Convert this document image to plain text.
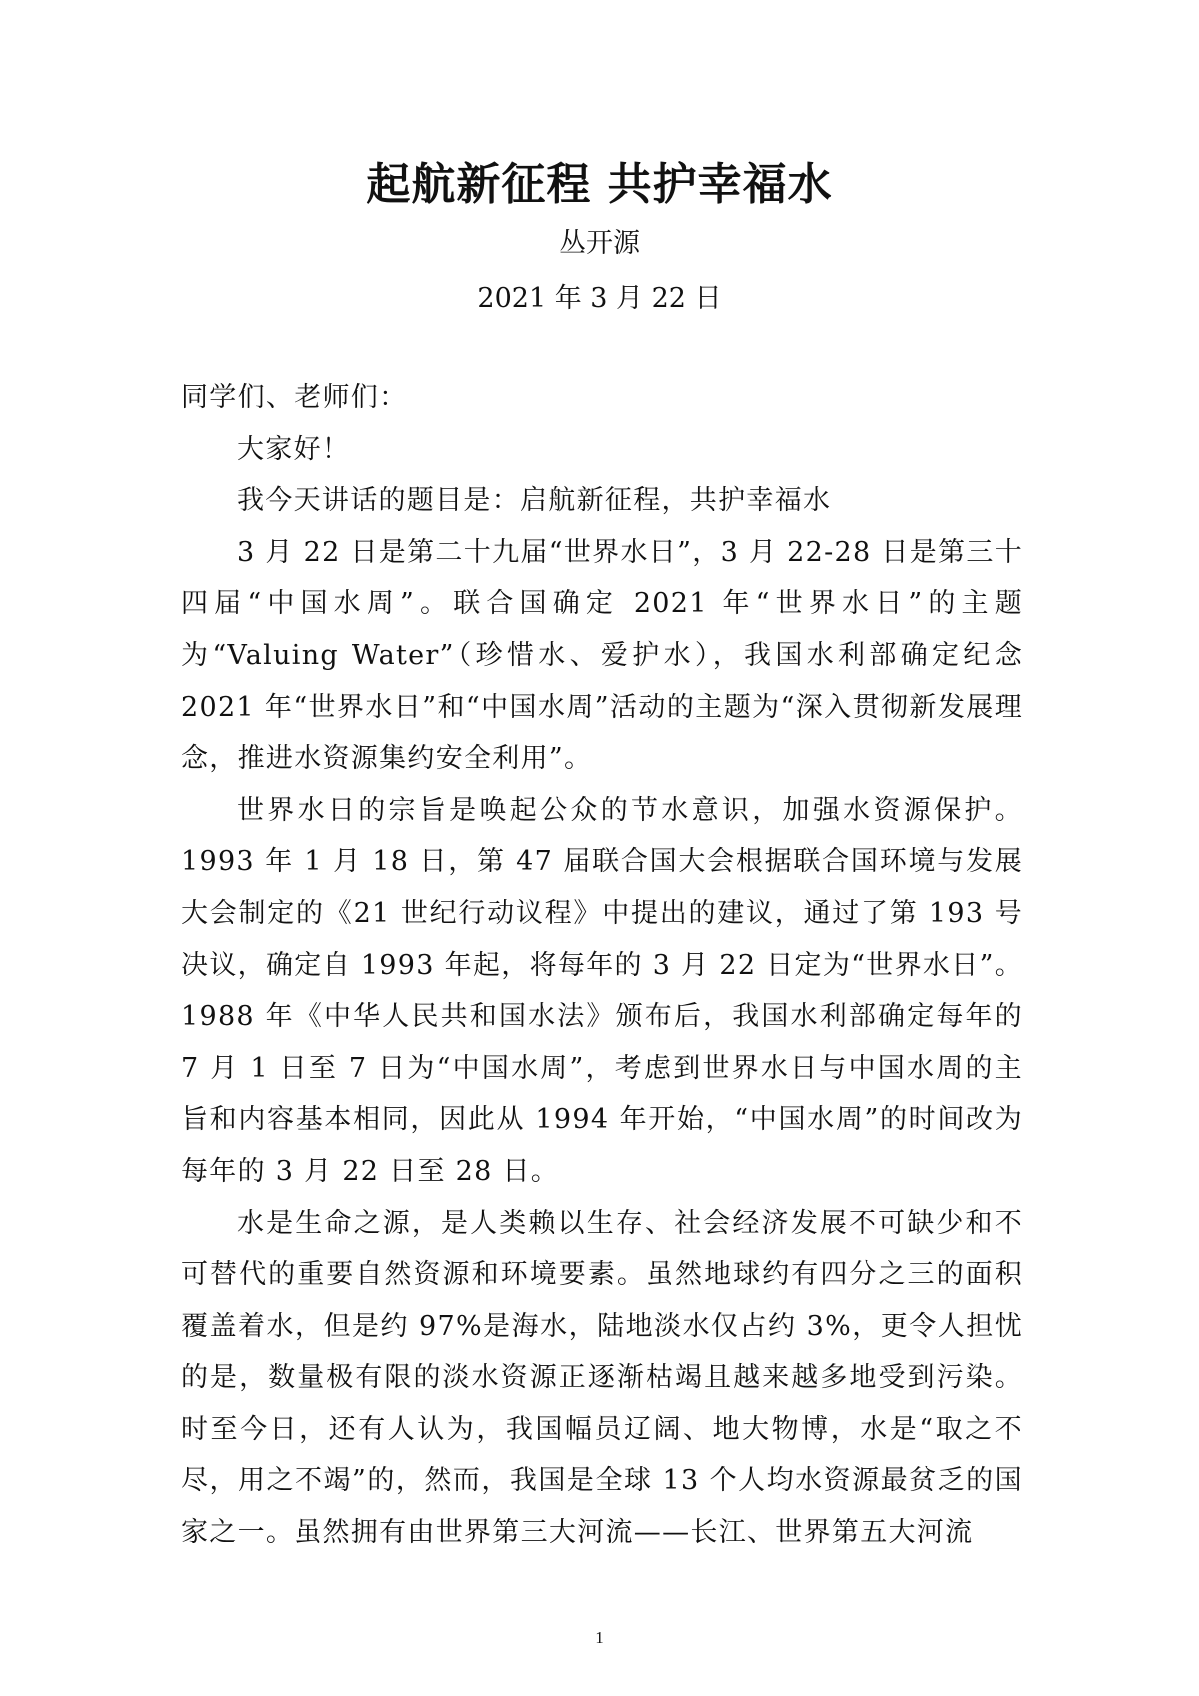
起航新征程 共护幸福水
丛开源
2021 年 3 月 22 日

同学们、老师们：

大家好！

我今天讲话的题目是：启航新征程，共护幸福水

3 月 22 日是第二十九届“世界水日”，3 月 22-28 日是第三十四届“中国水周”。联合国确定 2021 年“世界水日”的主题为“Valuing Water”（珍惜水、爱护水），我国水利部确定纪念 2021 年“世界水日”和“中国水周”活动的主题为“深入贯彻新发展理念，推进水资源集约安全利用”。

世界水日的宗旨是唤起公众的节水意识，加强水资源保护。1993 年 1 月 18 日，第 47 届联合国大会根据联合国环境与发展大会制定的《21 世纪行动议程》中提出的建议，通过了第 193 号决议，确定自 1993 年起，将每年的 3 月 22 日定为“世界水日”。1988 年《中华人民共和国水法》颁布后，我国水利部确定每年的 7 月 1 日至 7 日为“中国水周”，考虑到世界水日与中国水周的主旨和内容基本相同，因此从 1994 年开始，“中国水周”的时间改为每年的 3 月 22 日至 28 日。

水是生命之源，是人类赖以生存、社会经济发展不可缺少和不可替代的重要自然资源和环境要素。虽然地球约有四分之三的面积覆盖着水，但是约 97%是海水，陆地淡水仅占约 3%，更令人担忧的是，数量极有限的淡水资源正逐渐枯竭且越来越多地受到污染。时至今日，还有人认为，我国幅员辽阔、地大物博，水是“取之不尽，用之不竭”的，然而，我国是全球 13 个人均水资源最贫乏的国家之一。虽然拥有由世界第三大河流——长江、世界第五大河流

1
